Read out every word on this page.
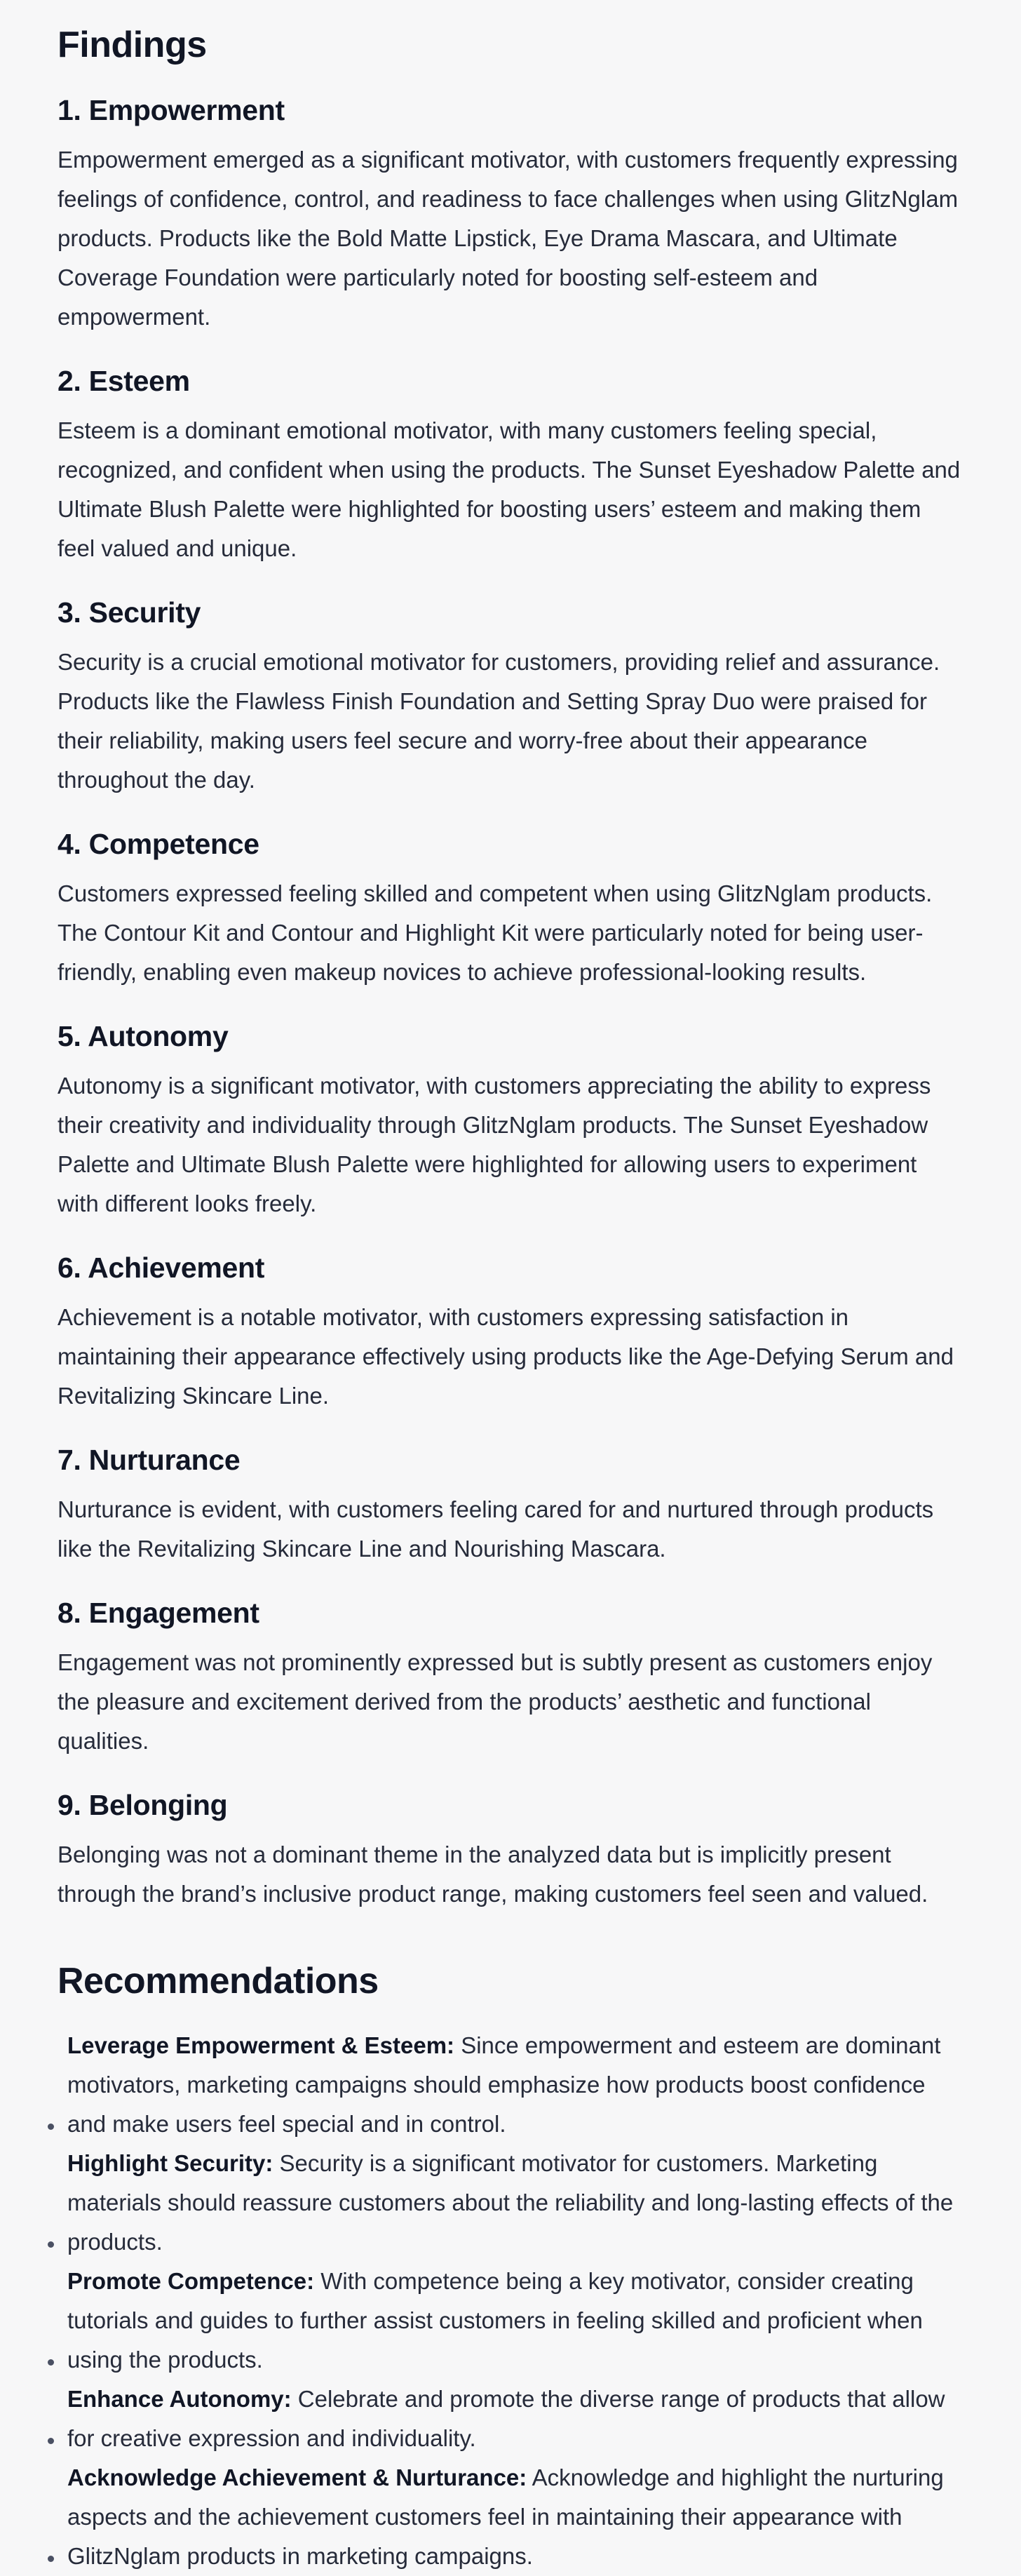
Findings
1. Empowerment

Empowerment emerged as a significant motivator, with customers frequently expressing feelings of confidence, control, and readiness to face challenges when using GlitzNglam products. Products like the Bold Matte Lipstick, Eye Drama Mascara, and Ultimate Coverage Foundation were particularly noted for boosting self-esteem and empowerment.

2. Esteem

Esteem is a dominant emotional motivator, with many customers feeling special, recognized, and confident when using the products. The Sunset Eyeshadow Palette and Ultimate Blush Palette were highlighted for boosting users’ esteem and making them feel valued and unique.

3. Security

Security is a crucial emotional motivator for customers, providing relief and assurance. Products like the Flawless Finish Foundation and Setting Spray Duo were praised for their reliability, making users feel secure and worry-free about their appearance throughout the day.

4. Competence

Customers expressed feeling skilled and competent when using GlitzNglam products. The Contour Kit and Contour and Highlight Kit were particularly noted for being user-friendly, enabling even makeup novices to achieve professional-looking results.

5. Autonomy

Autonomy is a significant motivator, with customers appreciating the ability to express their creativity and individuality through GlitzNglam products. The Sunset Eyeshadow Palette and Ultimate Blush Palette were highlighted for allowing users to experiment with different looks freely.

6. Achievement

Achievement is a notable motivator, with customers expressing satisfaction in maintaining their appearance effectively using products like the Age-Defying Serum and Revitalizing Skincare Line.

7. Nurturance

Nurturance is evident, with customers feeling cared for and nurtured through products like the Revitalizing Skincare Line and Nourishing Mascara.

8. Engagement

Engagement was not prominently expressed but is subtly present as customers enjoy the pleasure and excitement derived from the products’ aesthetic and functional qualities.

9. Belonging

Belonging was not a dominant theme in the analyzed data but is implicitly present through the brand’s inclusive product range, making customers feel seen and valued.

Recommendations
Leverage Empowerment & Esteem: Since empowerment and esteem are dominant motivators, marketing campaigns should emphasize how products boost confidence and make users feel special and in control.
Highlight Security: Security is a significant motivator for customers. Marketing materials should reassure customers about the reliability and long-lasting effects of the products.
Promote Competence: With competence being a key motivator, consider creating tutorials and guides to further assist customers in feeling skilled and proficient when using the products.
Enhance Autonomy: Celebrate and promote the diverse range of products that allow for creative expression and individuality.
Acknowledge Achievement & Nurturance: Acknowledge and highlight the nurturing aspects and the achievement customers feel in maintaining their appearance with GlitzNglam products in marketing campaigns.
